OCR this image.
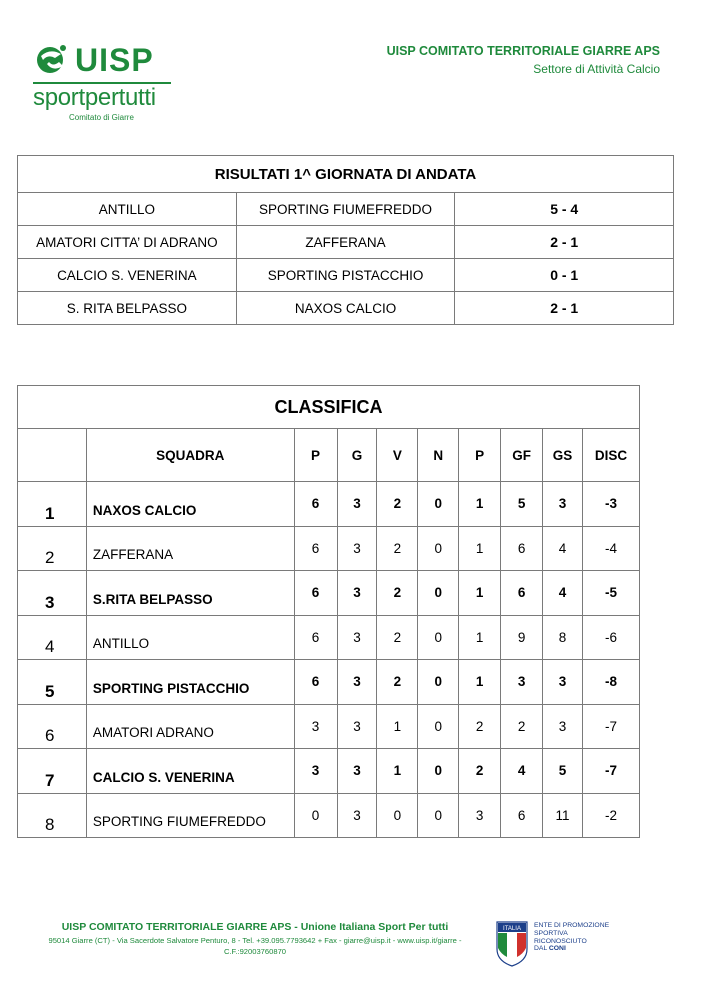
UISP
sportpertutti
Comitato di Giarre
UISP COMITATO TERRITORIALE GIARRE APS
Settore di Attività Calcio
RISULTATI 1^ GIORNATA DI ANDATA		
ANTILLO	SPORTING FIUMEFREDDO	5 - 4
AMATORI CITTA’ DI ADRANO	ZAFFERANA	2 - 1
CALCIO S. VENERINA	SPORTING PISTACCHIO	0 - 1
S. RITA BELPASSO	NAXOS CALCIO	2 - 1
CLASSIFICA									
	SQUADRA	P	G	V	N	P	GF	GS	DISC
1	NAXOS CALCIO	6	3	2	0	1	5	3	-3
2	ZAFFERANA	6	3	2	0	1	6	4	-4
3	S.RITA BELPASSO	6	3	2	0	1	6	4	-5
4	ANTILLO	6	3	2	0	1	9	8	-6
5	SPORTING PISTACCHIO	6	3	2	0	1	3	3	-8
6	AMATORI ADRANO	3	3	1	0	2	2	3	-7
7	CALCIO S. VENERINA	3	3	1	0	2	4	5	-7
8	SPORTING FIUMEFREDDO	0	3	0	0	3	6	11	-2
UISP COMITATO TERRITORIALE GIARRE APS - Unione Italiana Sport Per tutti
95014 Giarre (CT) - Via Sacerdote Salvatore Penturo, 8 - Tel. +39.095.7793642 + Fax - giarre@uisp.it - www.uisp.it/giarre -
C.F.:92003760870
ITALIA ENTE DI PROMOZIONE
SPORTIVA
RICONOSCIUTO
DAL CONI
